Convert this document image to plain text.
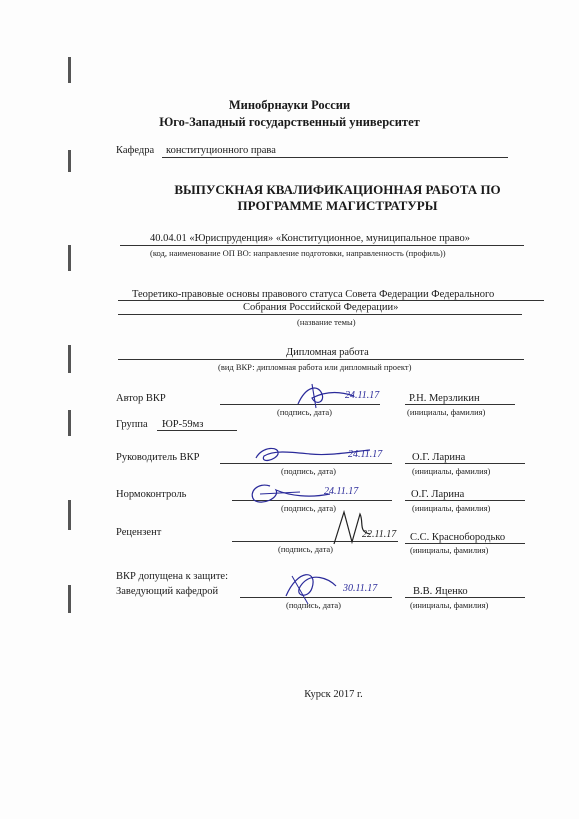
Минобрнауки России
Юго-Западный государственный университет
Кафедра конституционного права
ВЫПУСКНАЯ КВАЛИФИКАЦИОННАЯ РАБОТА ПО
ПРОГРАММЕ МАГИСТРАТУРЫ
40.04.01 «Юриспруденция» «Конституционное, муниципальное право»
(код, наименование ОП ВО: направление подготовки, направленность (профиль))
Теоретико-правовые основы правового статуса Совета Федерации Федерального
Собрания Российской Федерации»
(название темы)
Дипломная работа
(вид ВКР: дипломная работа или дипломный проект)
Автор ВКР	24.11.17	Р.Н. Мерзликин
(подпись, дата)	(инициалы, фамилия)
Группа ЮР-59мз
Руководитель ВКР	24.11.17	О.Г. Ларина
(подпись, дата)	(инициалы, фамилия)
Нормоконтроль	24.11.17	О.Г. Ларина
(подпись, дата)	(инициалы, фамилия)
Рецензент	22.11.17 С.С. Краснобородько
(подпись, дата)	(инициалы, фамилия)
ВКР допущена к защите:
Заведующий кафедрой	30.11.17	В.В. Яценко
(подпись, дата)	(инициалы, фамилия)
Курск 2017 г.
